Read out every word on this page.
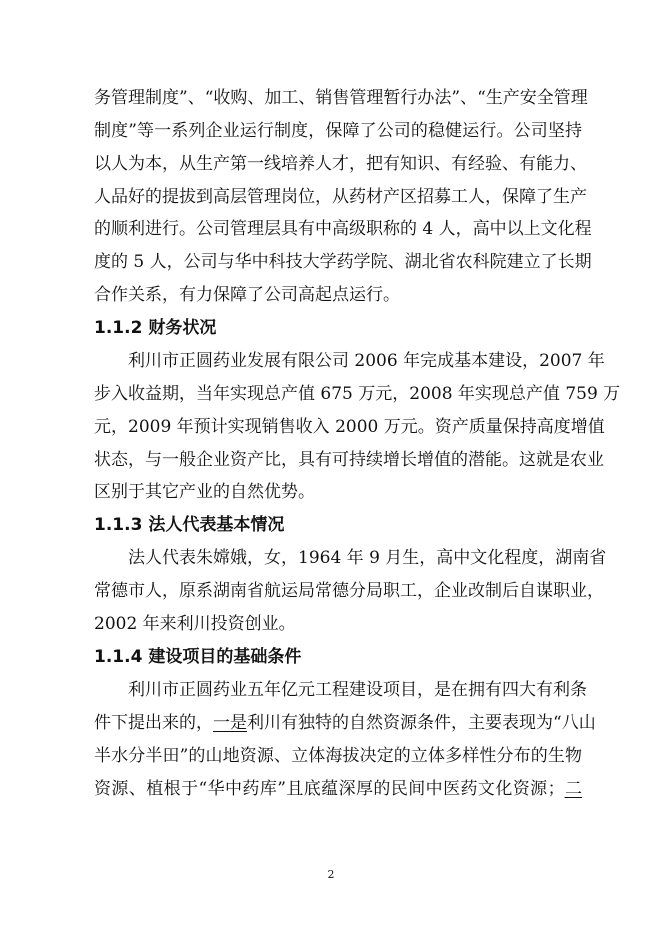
务管理制度”、“收购、加工、销售管理暂行办法”、“生产安全管理
制度”等一系列企业运行制度，保障了公司的稳健运行。公司坚持
以人为本，从生产第一线培养人才，把有知识、有经验、有能力、
人品好的提拔到高层管理岗位，从药材产区招募工人，保障了生产
的顺利进行。公司管理层具有中高级职称的 4 人，高中以上文化程
度的 5 人，公司与华中科技大学药学院、湖北省农科院建立了长期
合作关系，有力保障了公司高起点运行。
1.1.2 财务状况
　　利川市正圆药业发展有限公司 2006 年完成基本建设，2007 年
步入收益期，当年实现总产值 675 万元，2008 年实现总产值 759 万
元，2009 年预计实现销售收入 2000 万元。资产质量保持高度增值
状态，与一般企业资产比，具有可持续增长增值的潜能。这就是农业
区别于其它产业的自然优势。
1.1.3 法人代表基本情况
　　法人代表朱嫦娥，女，1964 年 9 月生，高中文化程度，湖南省
常德市人，原系湖南省航运局常德分局职工，企业改制后自谋职业，
2002 年来利川投资创业。
1.1.4 建设项目的基础条件
　　利川市正圆药业五年亿元工程建设项目，是在拥有四大有利条
件下提出来的，一是利川有独特的自然资源条件，主要表现为“八山
半水分半田”的山地资源、立体海拔决定的立体多样性分布的生物
资源、植根于“华中药库”且底蕴深厚的民间中医药文化资源；二
2
